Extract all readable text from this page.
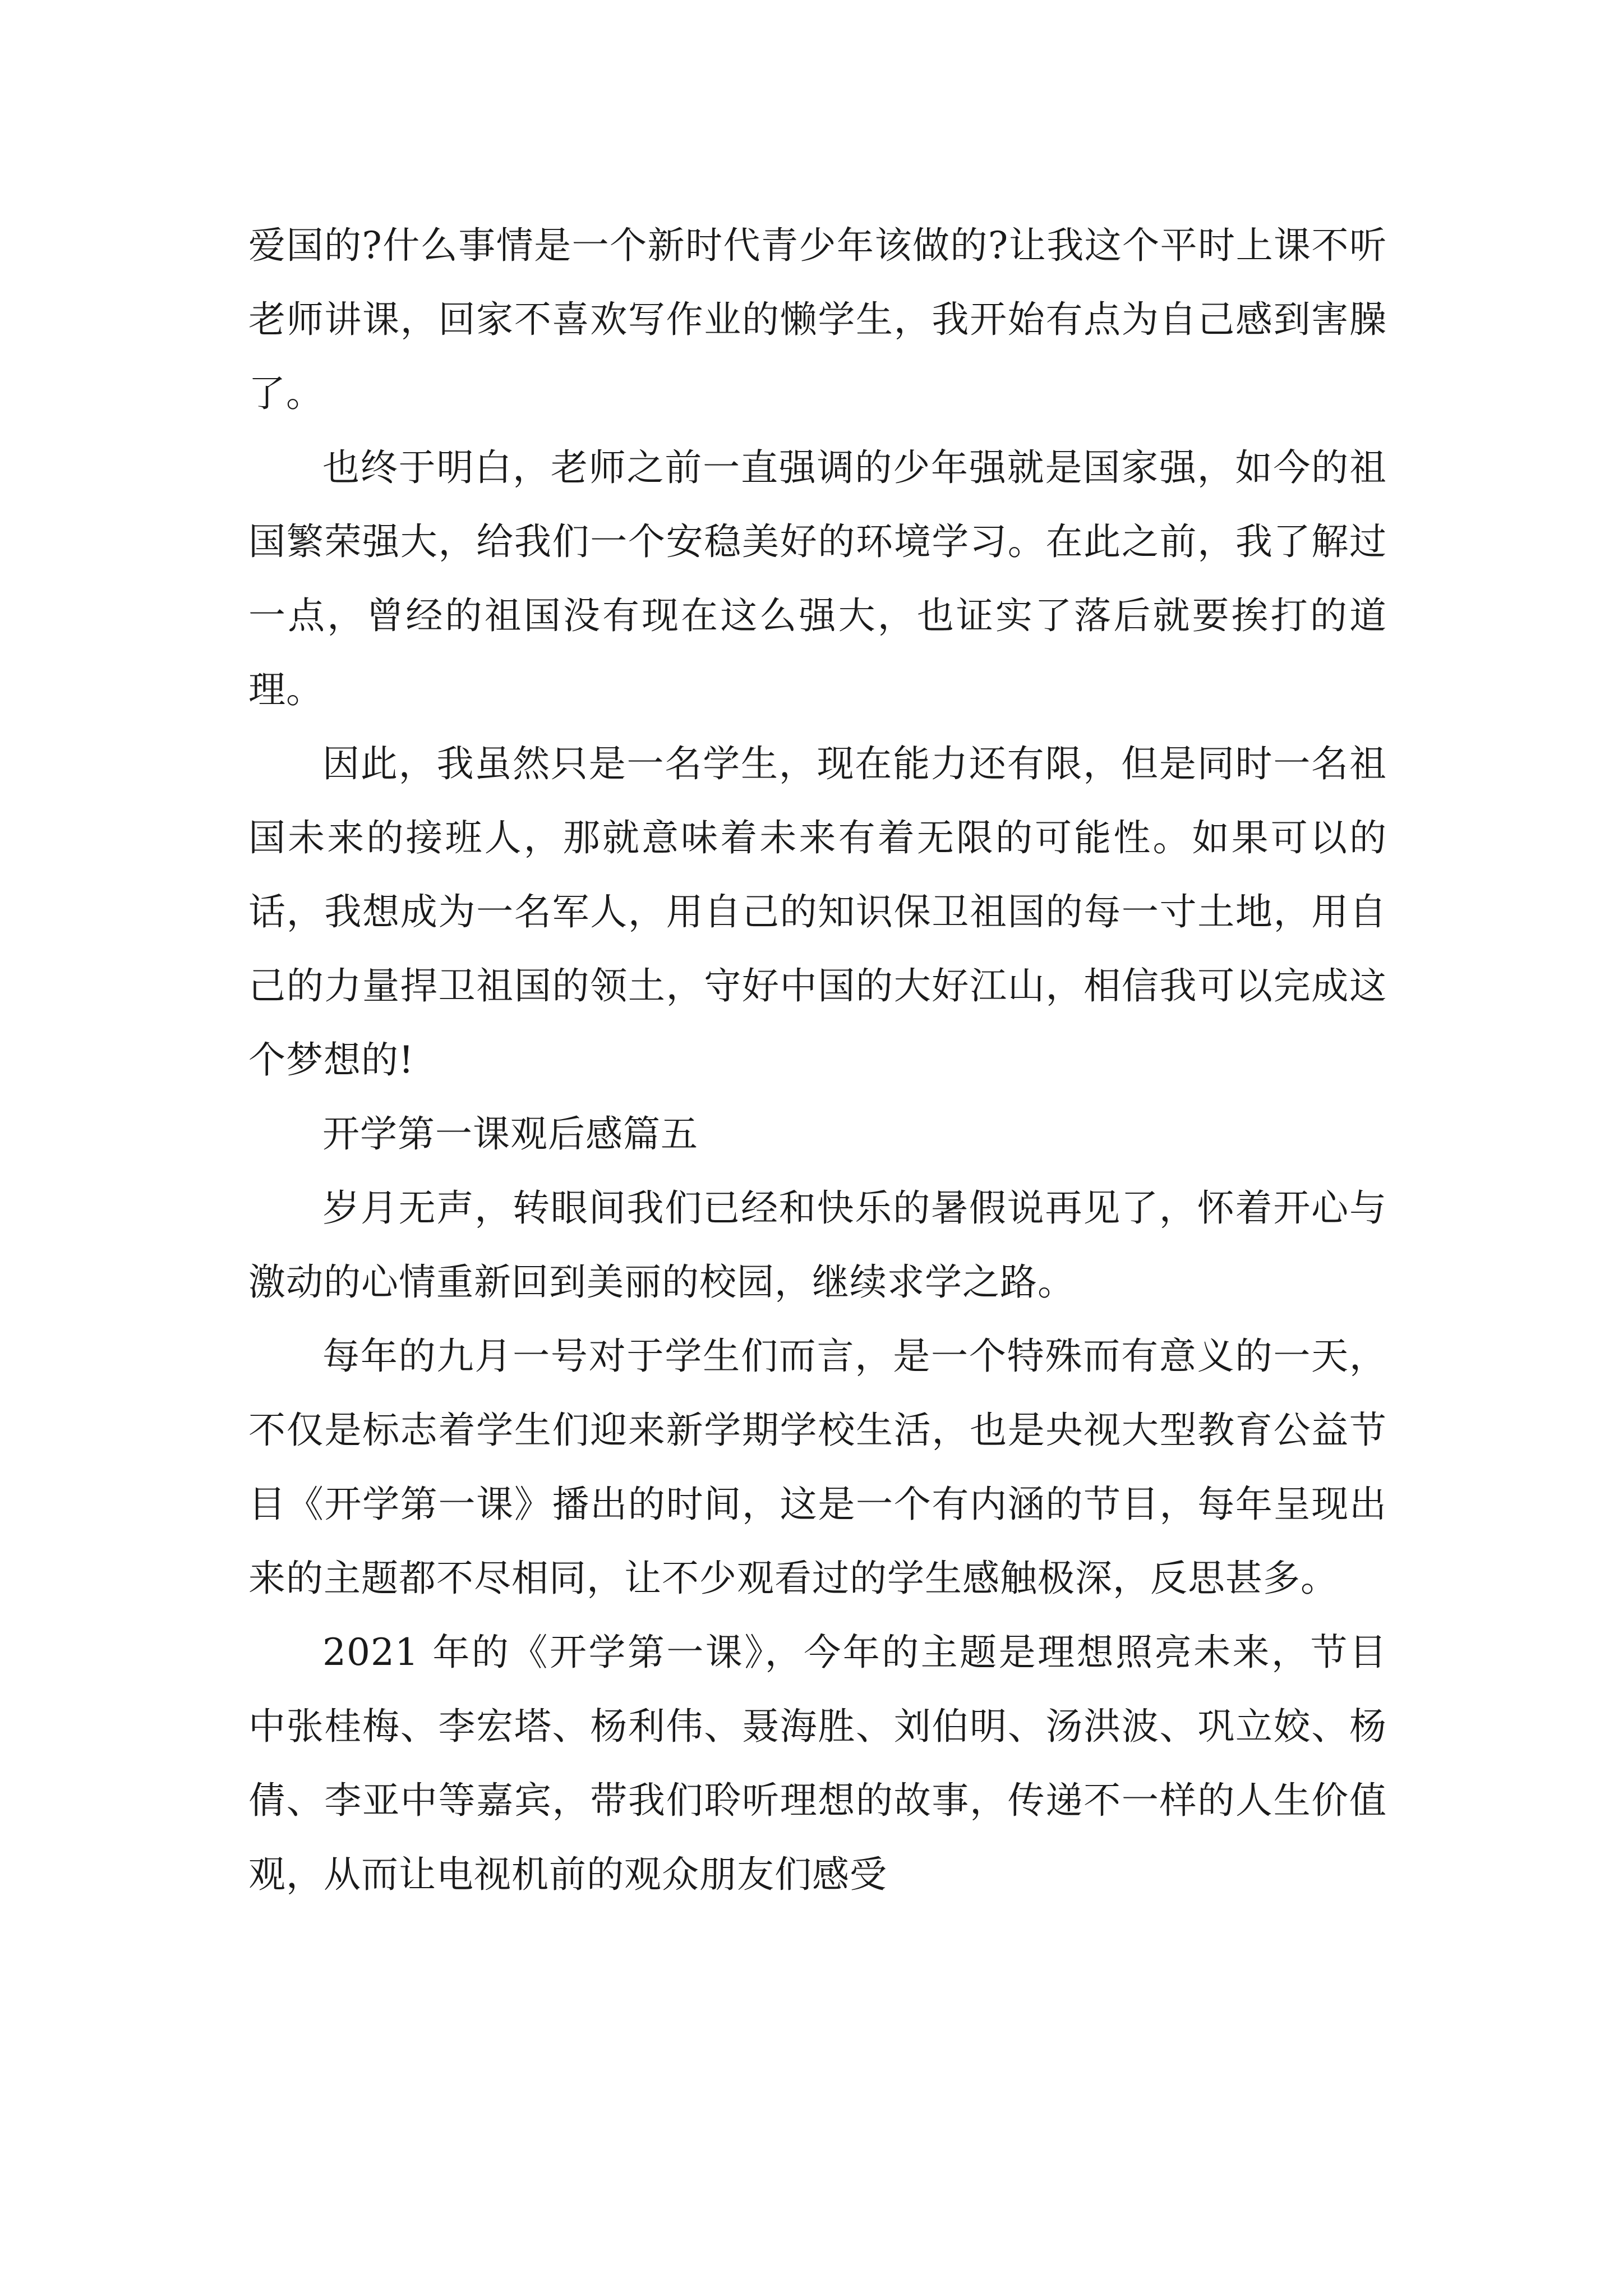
爱国的?什么事情是一个新时代青少年该做的?让我这个平时上课不听老师讲课，回家不喜欢写作业的懒学生，我开始有点为自己感到害臊了。

也终于明白，老师之前一直强调的少年强就是国家强，如今的祖国繁荣强大，给我们一个安稳美好的环境学习。在此之前，我了解过一点，曾经的祖国没有现在这么强大，也证实了落后就要挨打的道理。

因此，我虽然只是一名学生，现在能力还有限，但是同时一名祖国未来的接班人，那就意味着未来有着无限的可能性。如果可以的话，我想成为一名军人，用自己的知识保卫祖国的每一寸土地，用自己的力量捍卫祖国的领土，守好中国的大好江山，相信我可以完成这个梦想的!

开学第一课观后感篇五

岁月无声，转眼间我们已经和快乐的暑假说再见了，怀着开心与激动的心情重新回到美丽的校园，继续求学之路。

每年的九月一号对于学生们而言，是一个特殊而有意义的一天，不仅是标志着学生们迎来新学期学校生活，也是央视大型教育公益节目《开学第一课》播出的时间，这是一个有内涵的节目，每年呈现出来的主题都不尽相同，让不少观看过的学生感触极深，反思甚多。

2021 年的《开学第一课》，今年的主题是理想照亮未来，节目中张桂梅、李宏塔、杨利伟、聂海胜、刘伯明、汤洪波、巩立姣、杨倩、李亚中等嘉宾，带我们聆听理想的故事，传递不一样的人生价值观，从而让电视机前的观众朋友们感受
